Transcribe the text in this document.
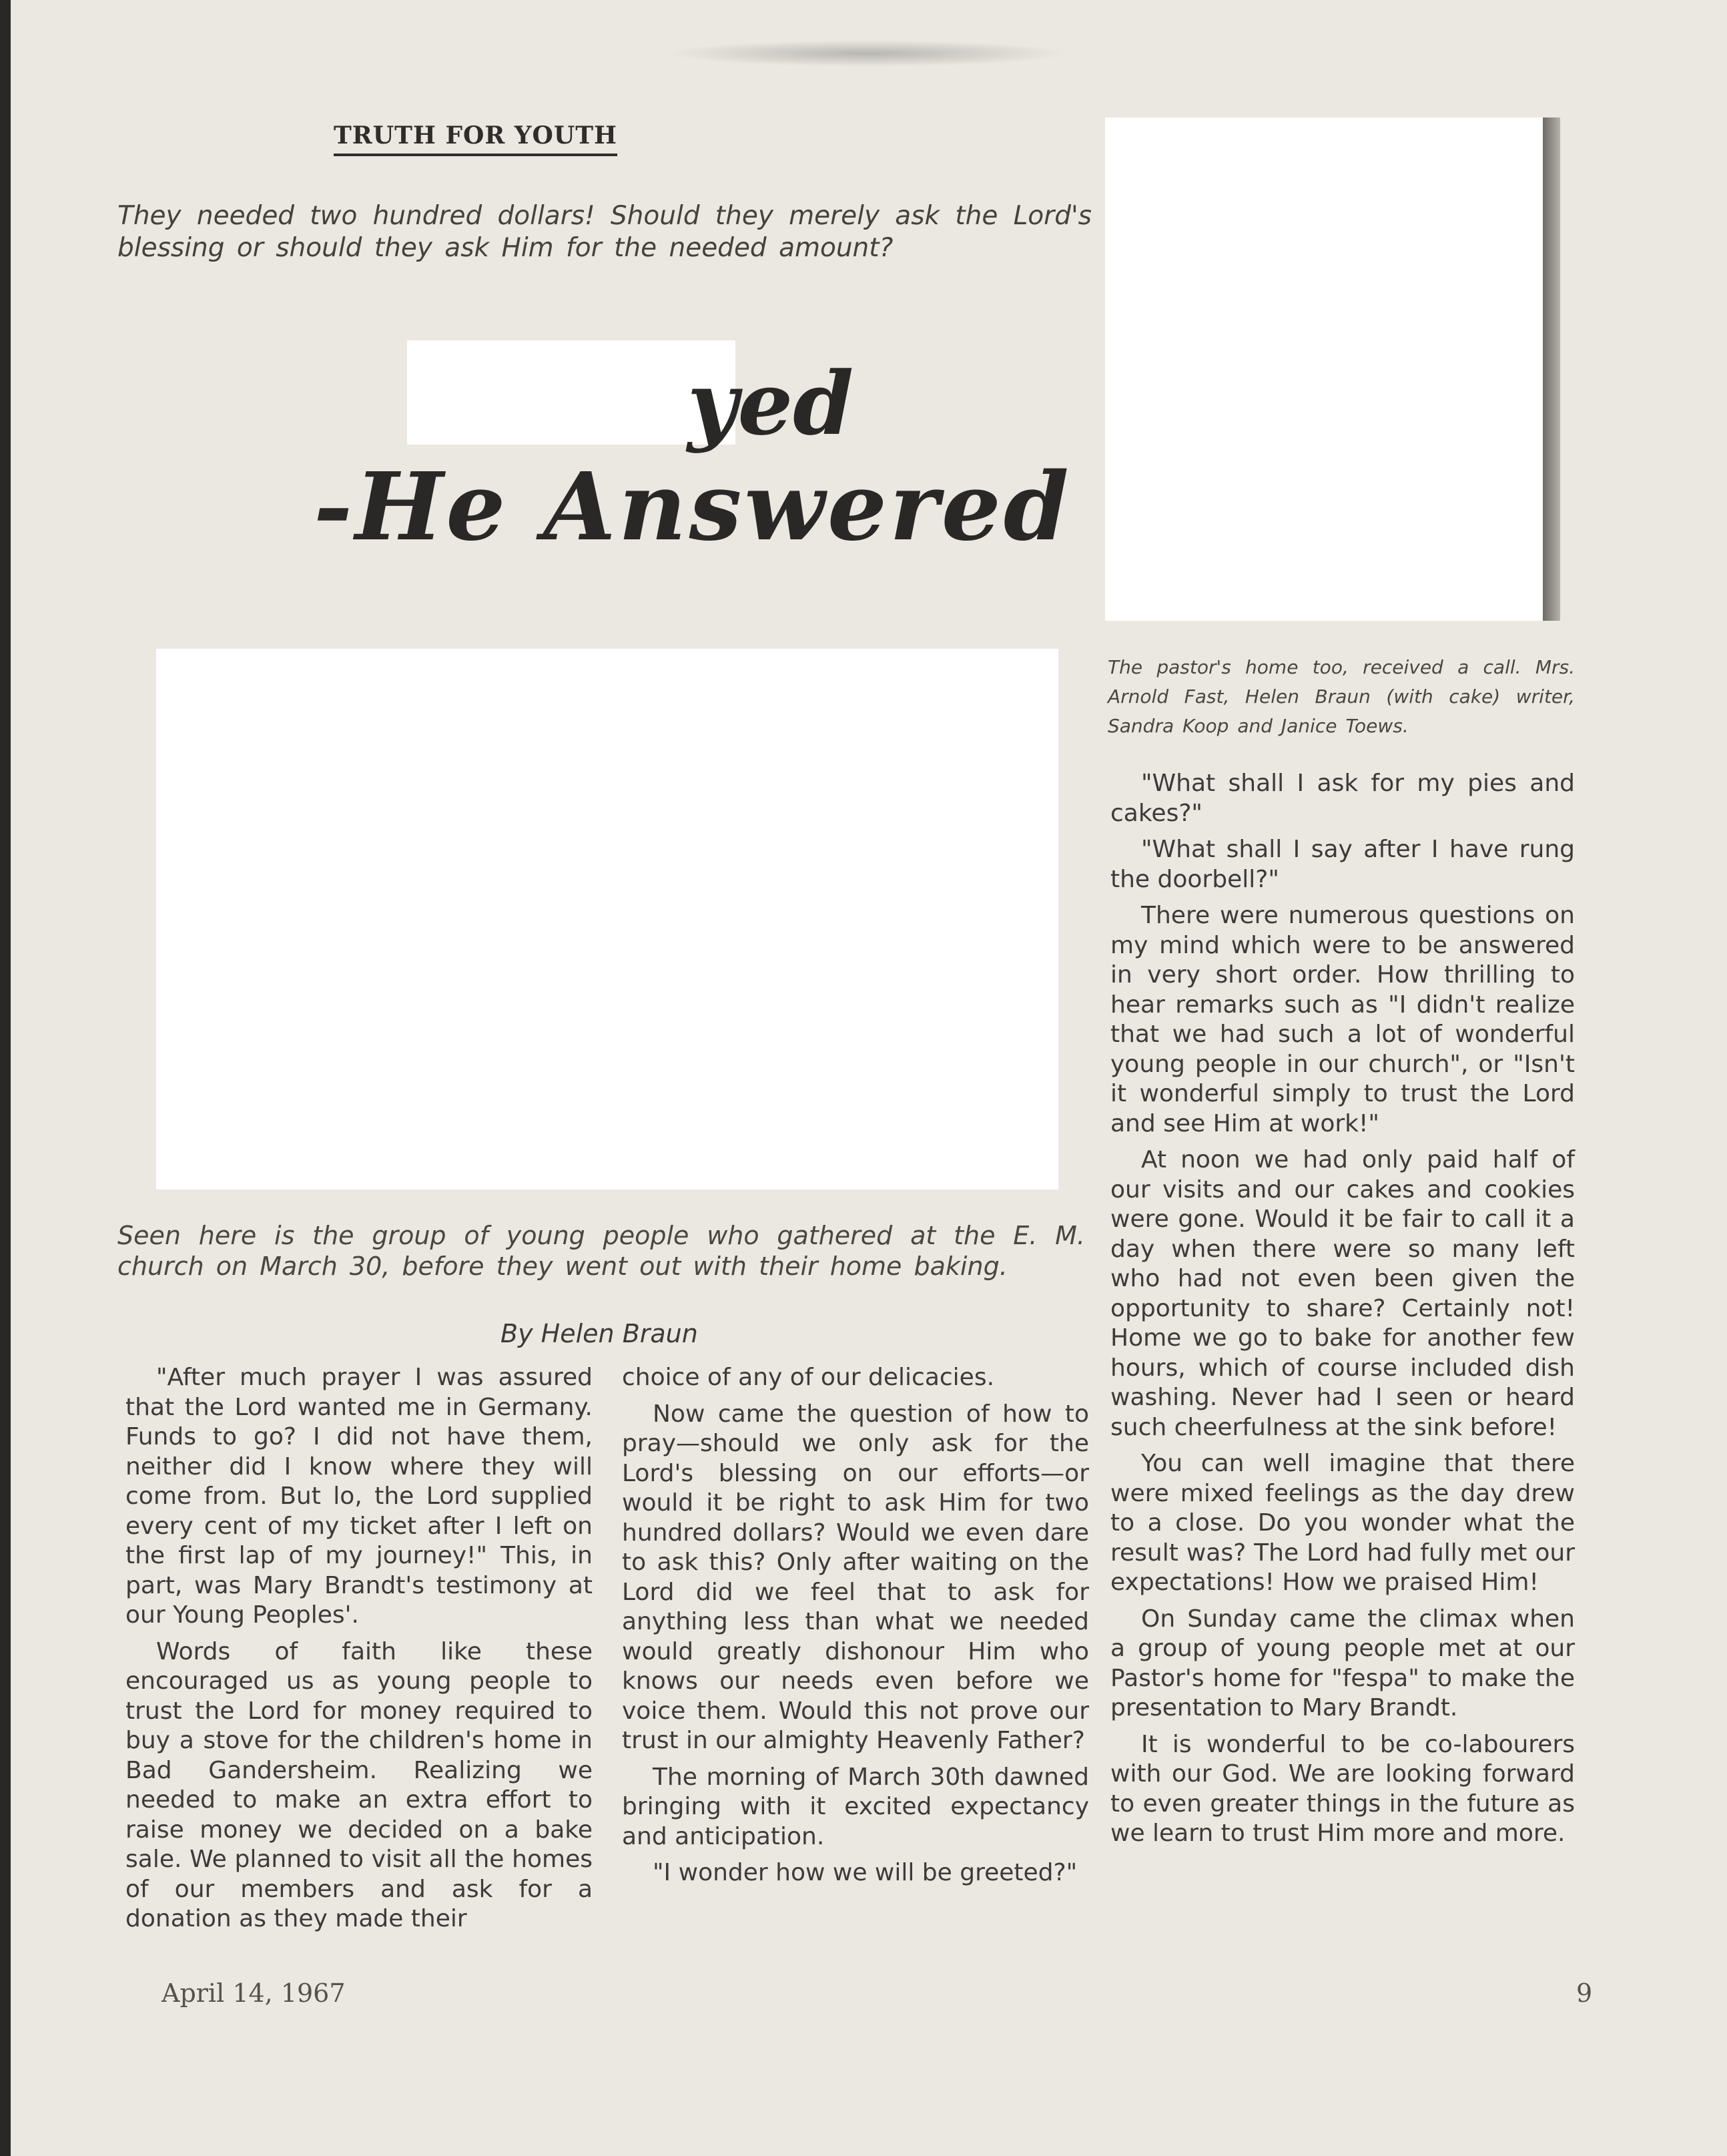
TRUTH FOR YOUTH

They needed two hundred dollars! Should they merely ask the Lord's blessing or should they ask Him for the needed amount?

yed
-He Answered

The pastor's home too, received a call. Mrs. Arnold Fast, Helen Braun (with cake) writer, Sandra Koop and Janice Toews.

Seen here is the group of young people who gathered at the E. M. church on March 30, before they went out with their home baking.

By Helen Braun

"After much prayer I was assured that the Lord wanted me in Germany. Funds to go? I did not have them, neither did I know where they will come from. But lo, the Lord supplied every cent of my ticket after I left on the first lap of my journey!" This, in part, was Mary Brandt's testimony at our Young Peoples'.

Words of faith like these encouraged us as young people to trust the Lord for money required to buy a stove for the children's home in Bad Gandersheim. Realizing we needed to make an extra effort to raise money we decided on a bake sale. We planned to visit all the homes of our members and ask for a donation as they made their

choice of any of our delicacies.

Now came the question of how to pray—should we only ask for the Lord's blessing on our efforts—or would it be right to ask Him for two hundred dollars? Would we even dare to ask this? Only after waiting on the Lord did we feel that to ask for anything less than what we needed would greatly dishonour Him who knows our needs even before we voice them. Would this not prove our trust in our almighty Heavenly Father?

The morning of March 30th dawned bringing with it excited expectancy and anticipation.

"I wonder how we will be greeted?"

"What shall I ask for my pies and cakes?"

"What shall I say after I have rung the doorbell?"

There were numerous questions on my mind which were to be answered in very short order. How thrilling to hear remarks such as "I didn't realize that we had such a lot of wonderful young people in our church", or "Isn't it wonderful simply to trust the Lord and see Him at work!"

At noon we had only paid half of our visits and our cakes and cookies were gone. Would it be fair to call it a day when there were so many left who had not even been given the opportunity to share? Certainly not! Home we go to bake for another few hours, which of course included dish washing. Never had I seen or heard such cheerfulness at the sink before!

You can well imagine that there were mixed feelings as the day drew to a close. Do you wonder what the result was? The Lord had fully met our expectations! How we praised Him!

On Sunday came the climax when a group of young people met at our Pastor's home for "fespa" to make the presentation to Mary Brandt.

It is wonderful to be co-labourers with our God. We are looking forward to even greater things in the future as we learn to trust Him more and more.

April 14, 1967	9
